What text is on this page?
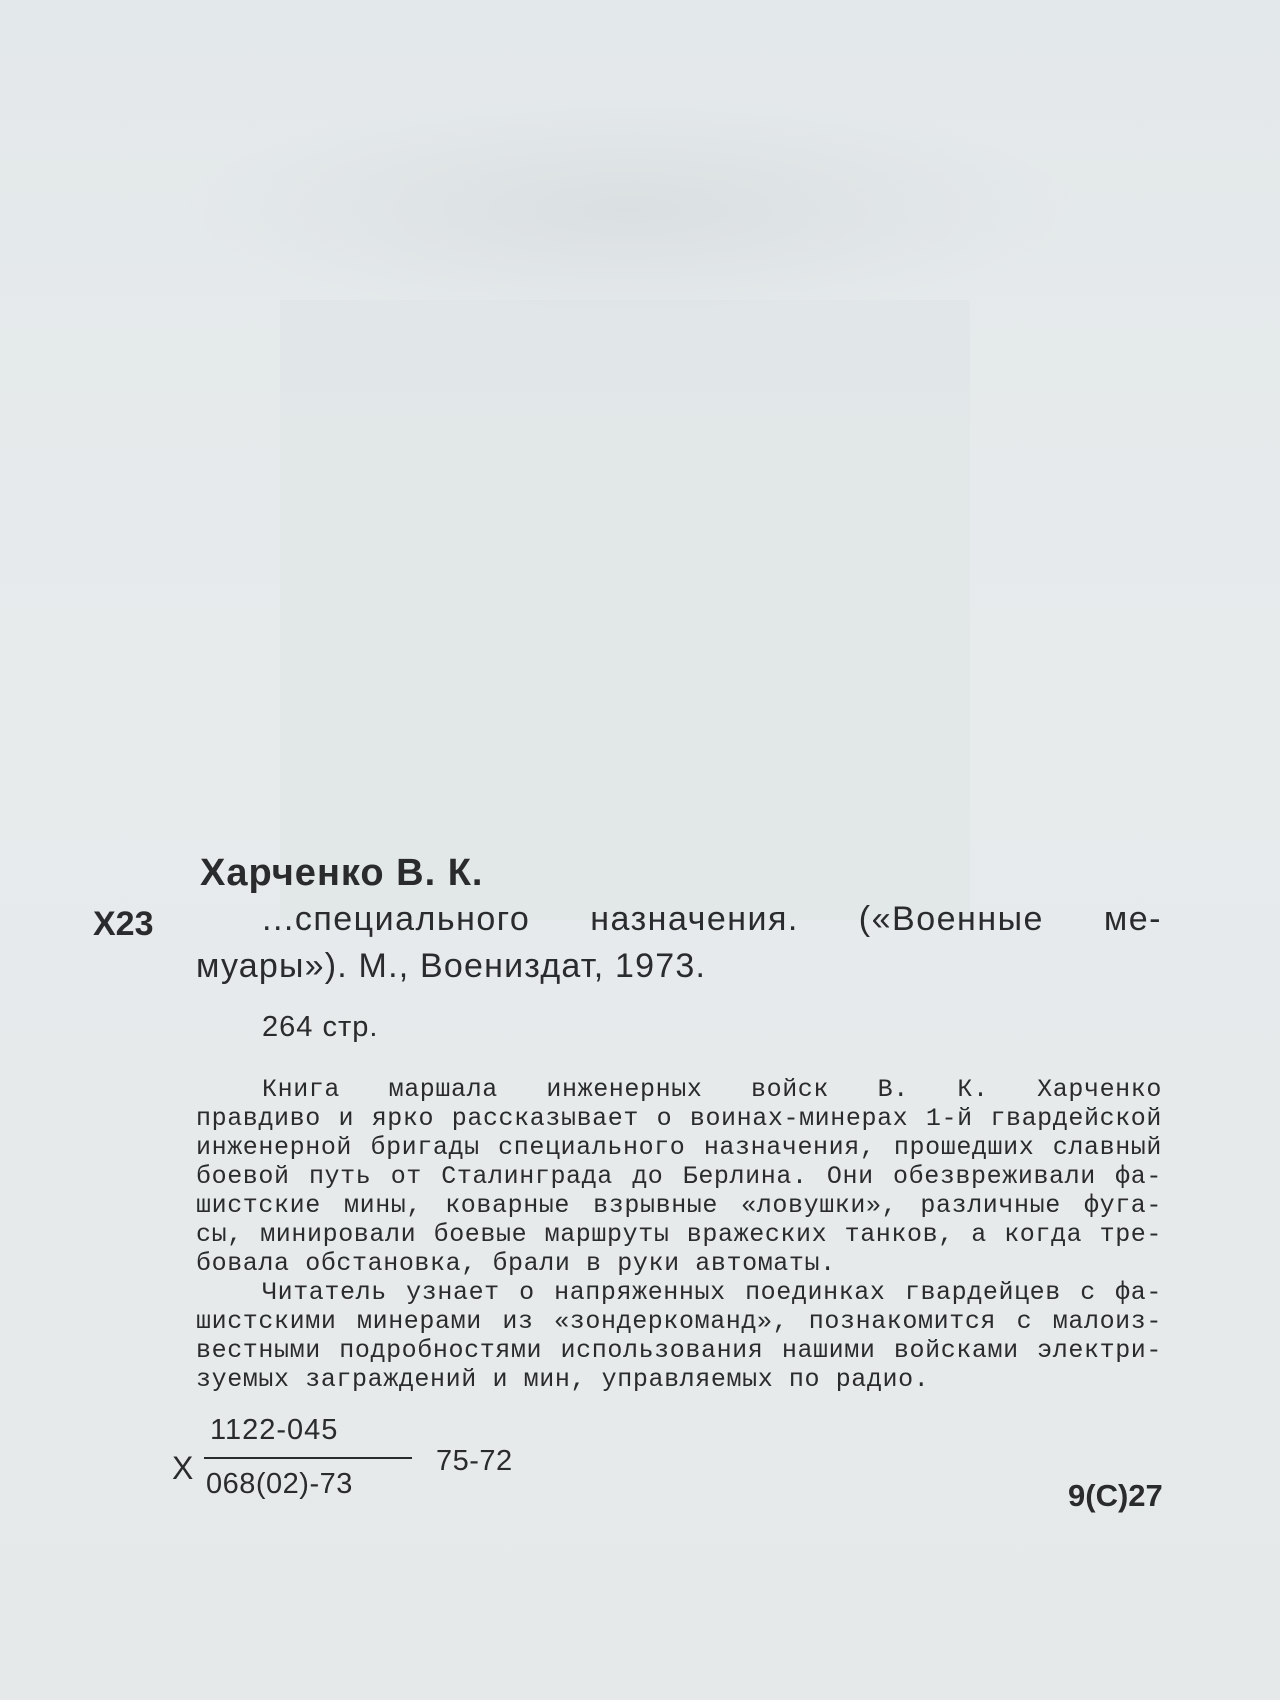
Харченко В. К.
Х23	...специального назначения. («Военные ме-
муары»). М., Воениздат, 1973.
264 стр.

Книга маршала инженерных войск В. К. Харченко

правдиво и ярко рассказывает о воинах-минерах 1-й гвардейской

инженерной бригады специального назначения, прошедших славный

боевой путь от Сталинграда до Берлина. Они обезвреживали фа-

шистские мины, коварные взрывные «ловушки», различные фуга-

сы, минировали боевые маршруты вражеских танков, а когда тре-

бовала обстановка, брали в руки автоматы.

Читатель узнает о напряженных поединках гвардейцев с фа-

шистскими минерами из «зондеркоманд», познакомится с малоиз-

вестными подробностями использования нашими войсками электри-

зуемых заграждений и мин, управляемых по радио.

Х
1122-045
068(02)-73
75-72
9(С)27
